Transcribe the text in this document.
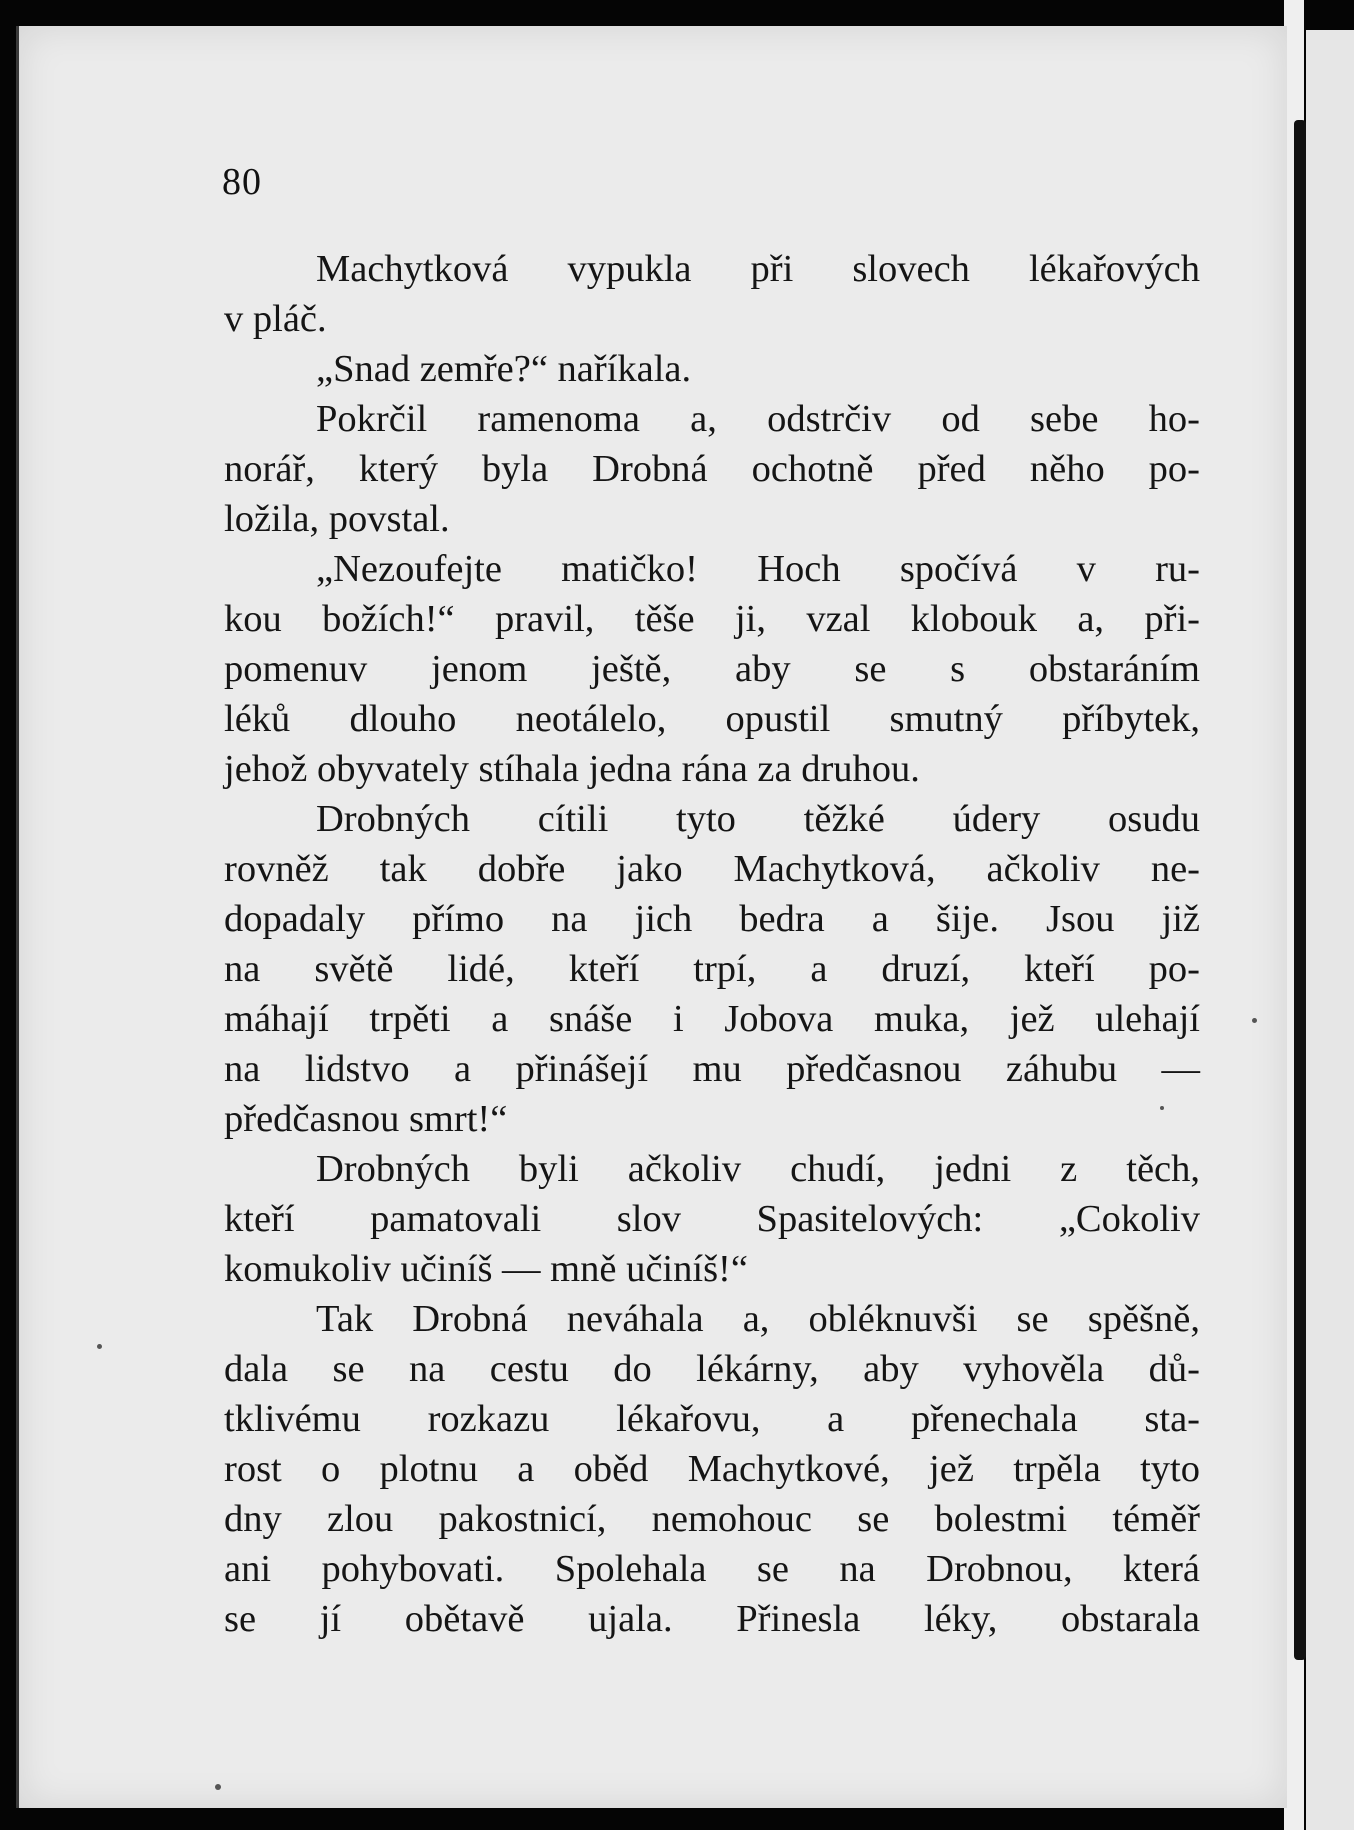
80
Machytková vypukla při slovech lékařových
v pláč.
„Snad zemře?“ naříkala.
Pokrčil ramenoma a, odstrčiv od sebe ho-
norář, který byla Drobná ochotně před něho po-
ložila, povstal.
„Nezoufejte matičko! Hoch spočívá v ru-
kou božích!“ pravil, těše ji, vzal klobouk a, při-
pomenuv jenom ještě, aby se s obstaráním
léků dlouho neotálelo, opustil smutný příbytek,
jehož obyvately stíhala jedna rána za druhou.
Drobných cítili tyto těžké údery osudu
rovněž tak dobře jako Machytková, ačkoliv ne-
dopadaly přímo na jich bedra a šije. Jsou již
na světě lidé, kteří trpí, a druzí, kteří po-
máhají trpěti a snáše i Jobova muka, jež ulehají
na lidstvo a přinášejí mu předčasnou záhubu —
předčasnou smrt!“
Drobných byli ačkoliv chudí, jedni z těch,
kteří pamatovali slov Spasitelových: „Cokoliv
komukoliv učiníš — mně učiníš!“
Tak Drobná neváhala a, obléknuvši se spěšně,
dala se na cestu do lékárny, aby vyhověla dů-
tklivému rozkazu lékařovu, a přenechala sta-
rost o plotnu a oběd Machytkové, jež trpěla tyto
dny zlou pakostnicí, nemohouc se bolestmi téměř
ani pohybovati. Spolehala se na Drobnou, která
se jí obětavě ujala. Přinesla léky, obstarala
